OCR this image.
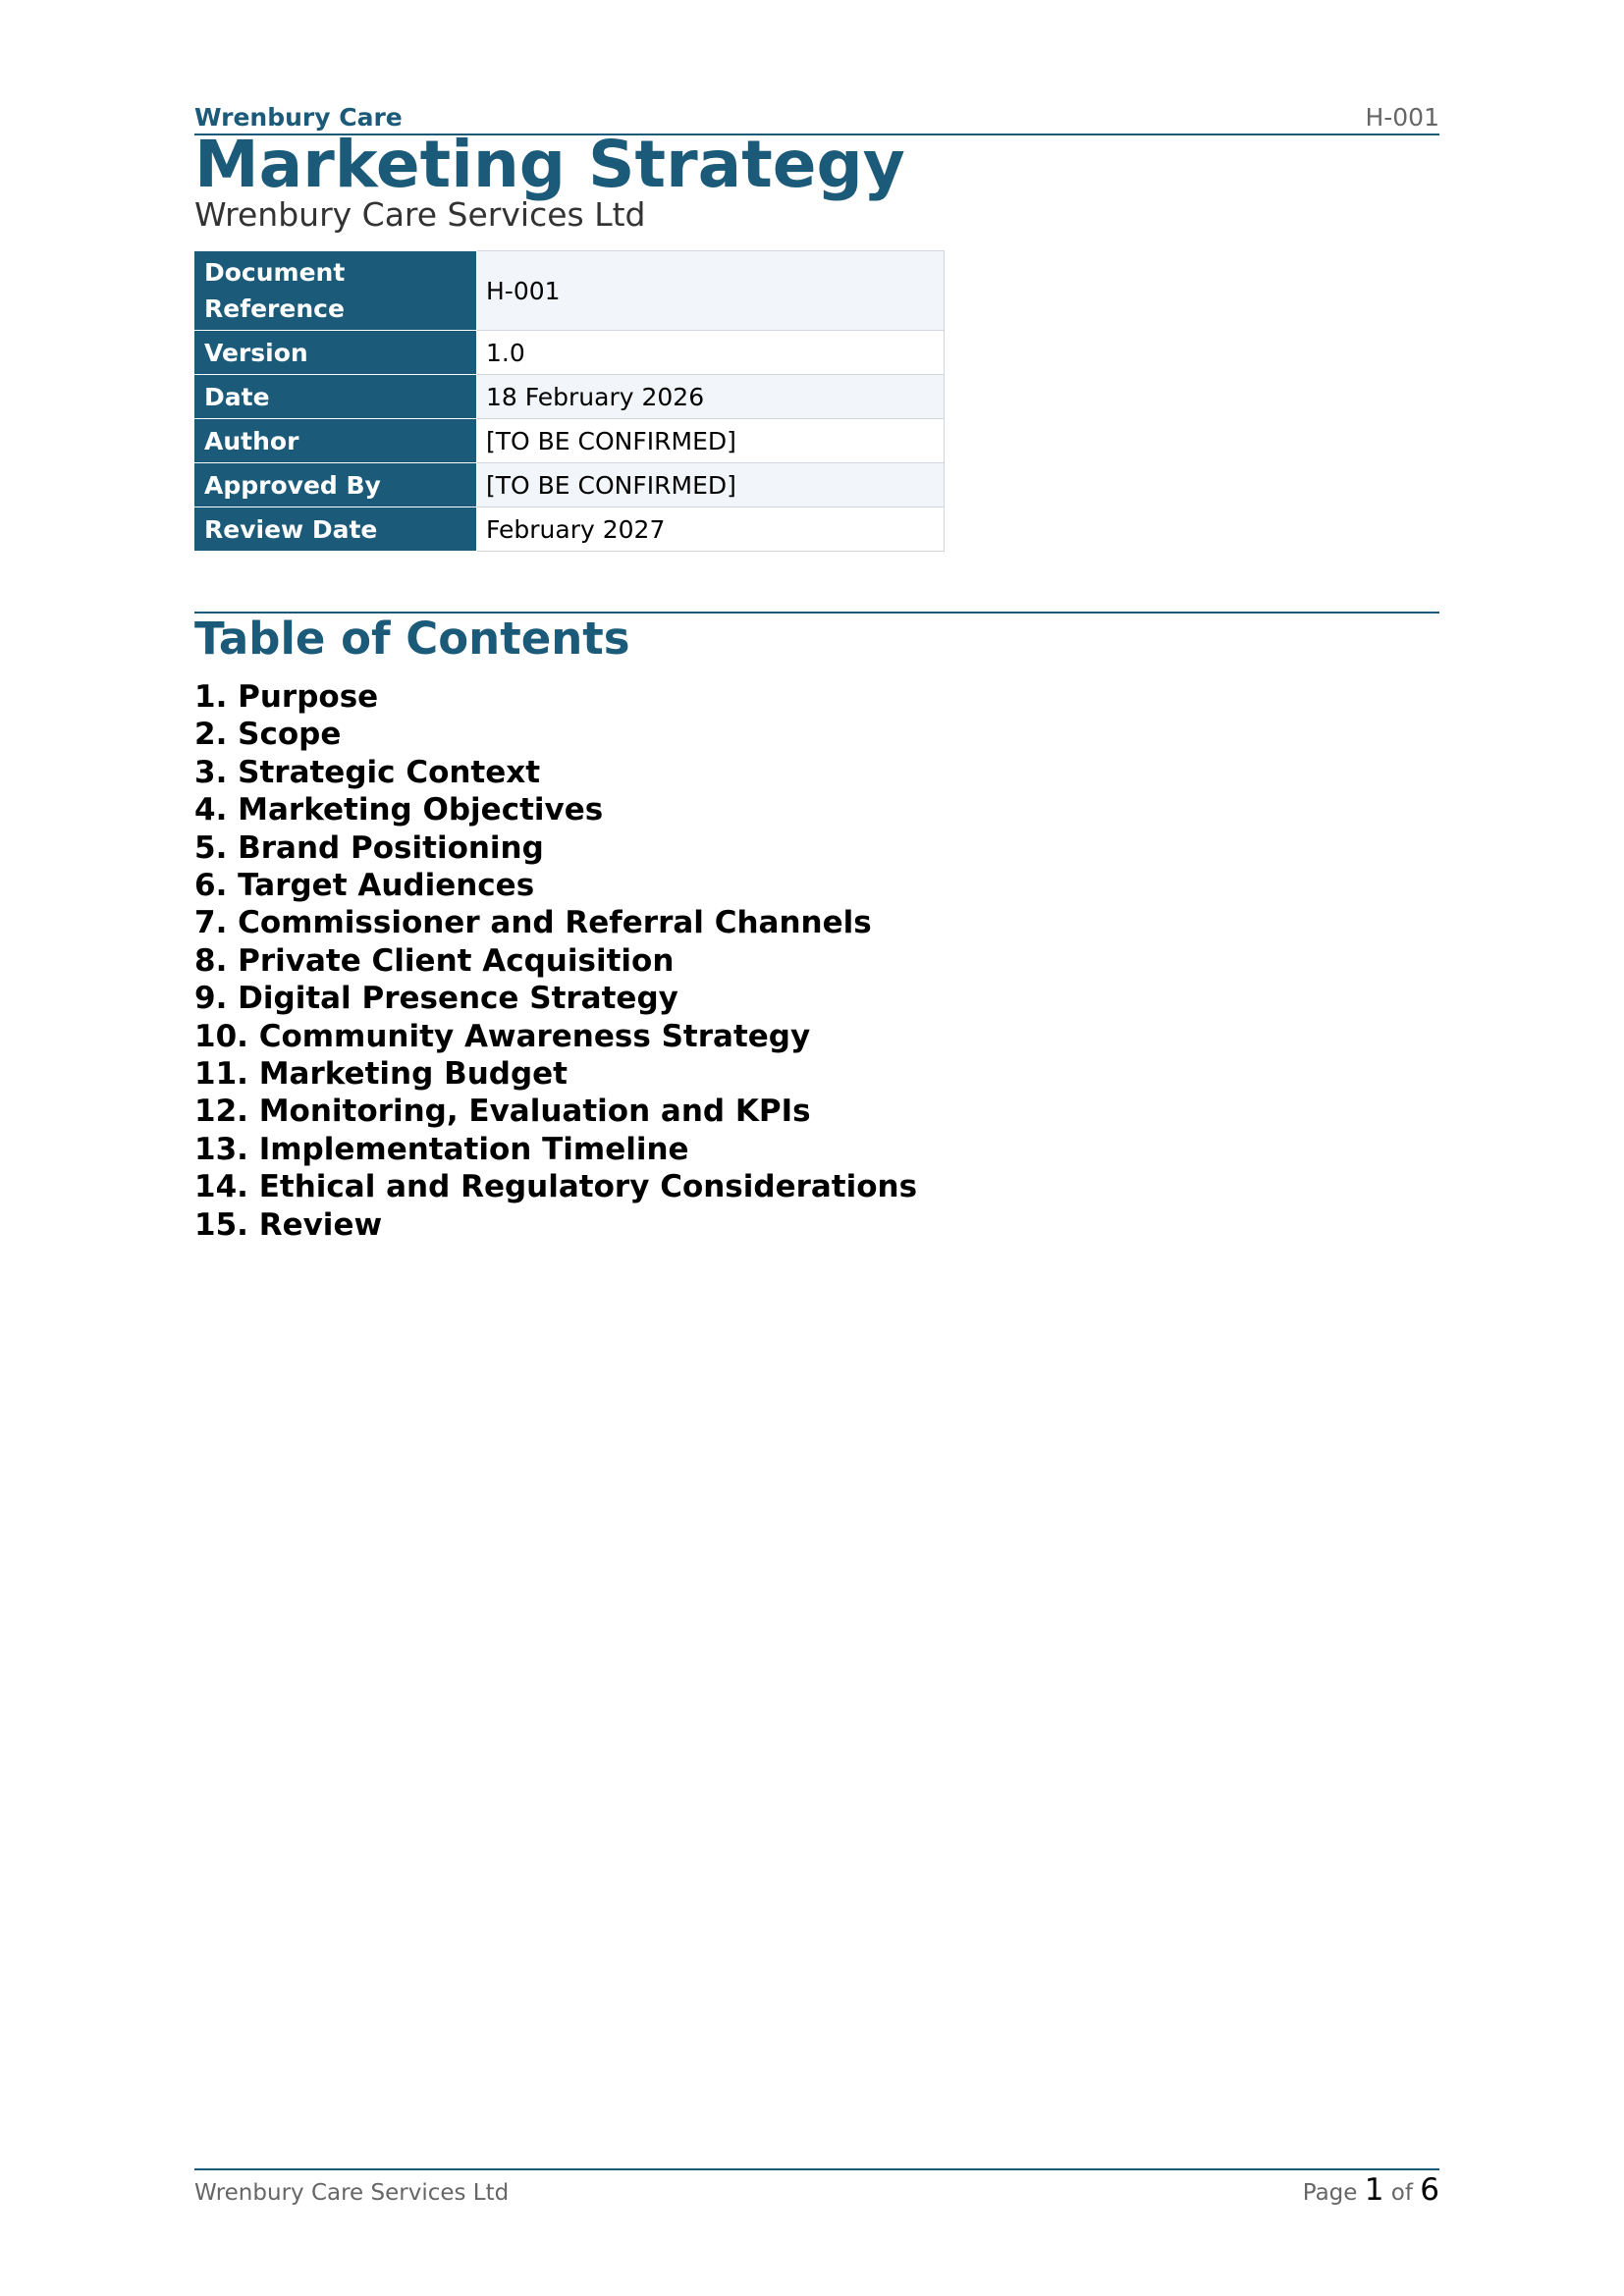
Wrenbury Care	H-001
Marketing Strategy
Wrenbury Care Services Ltd
Document Reference	H-001
Version	1.0
Date	18 February 2026
Author	[TO BE CONFIRMED]
Approved By	[TO BE CONFIRMED]
Review Date	February 2027
Table of Contents
1. Purpose
2. Scope
3. Strategic Context
4. Marketing Objectives
5. Brand Positioning
6. Target Audiences
7. Commissioner and Referral Channels
8. Private Client Acquisition
9. Digital Presence Strategy
10. Community Awareness Strategy
11. Marketing Budget
12. Monitoring, Evaluation and KPIs
13. Implementation Timeline
14. Ethical and Regulatory Considerations
15. Review
Wrenbury Care Services Ltd	Page 1 of 6
